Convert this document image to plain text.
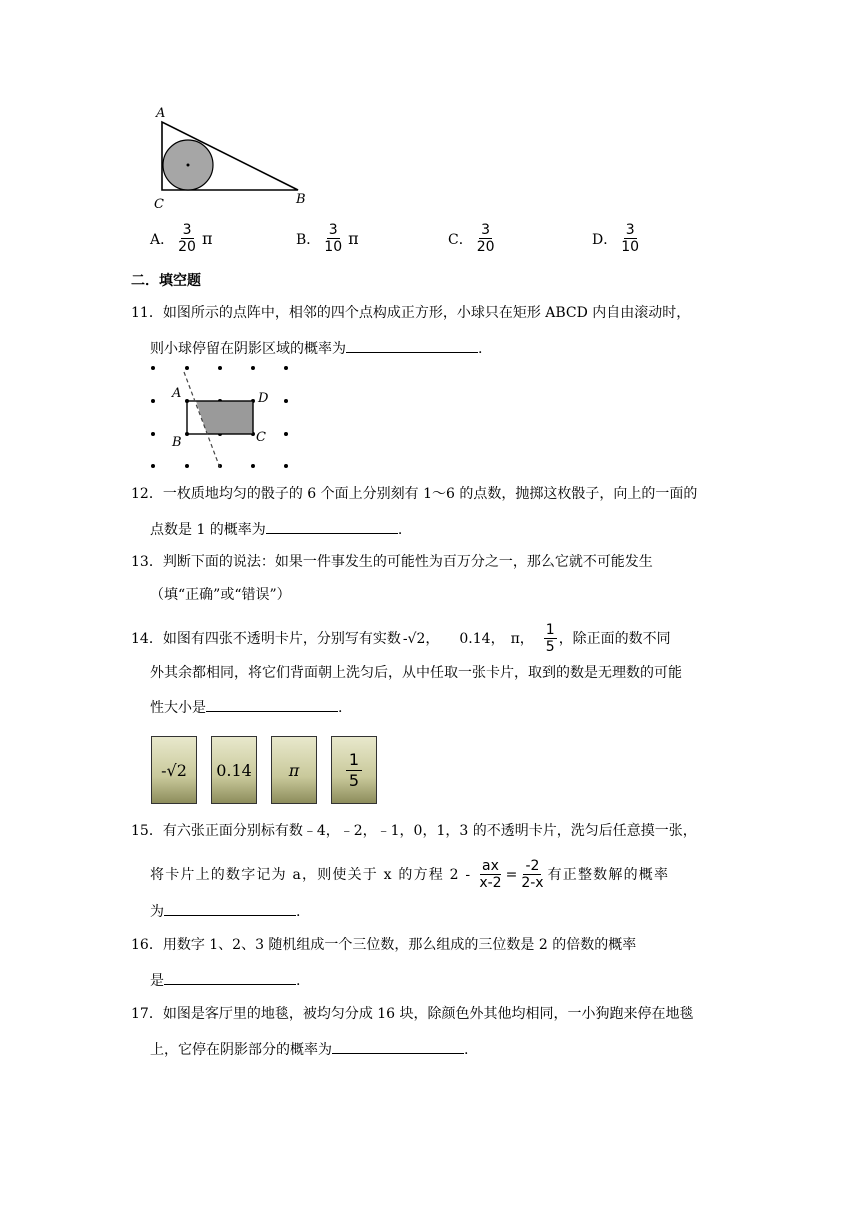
A
C	B
A． $\frac{3}{20}$ π	B． $\frac{3}{10}$ π	C． $\frac{3}{20}$	D． $\frac{3}{10}$
二．填空题
11．如图所示的点阵中，相邻的四个点构成正方形，小球只在矩形 ABCD 内自由滚动时，
则小球停留在阴影区域的概率为	.
A	D
B	C
12．一枚质地均匀的骰子的 6 个面上分别刻有 1～6 的点数，抛掷这枚骰子，向上的一面的
点数是 1 的概率为	.
13．判断下面的说法：如果一件事发生的可能性为百万分之一，那么它就不可能发生
（填“正确”或“错误”）
14．如图有四张不透明卡片，分别写有实数 -√2， 0.14， π， $\frac{1}{5}$ ，除正面的数不同
外其余都相同，将它们背面朝上洗匀后，从中任取一张卡片，取到的数是无理数的可能
性大小是	.
-√2 0.14 π	$\frac{1}{5}$
15．有六张正面分别标有数﹣4，﹣2，﹣1，0，1，3 的不透明卡片，洗匀后任意摸一张，
将卡片上的数字记为 a，则使关于 x 的方程 $2 - \frac{ax}{x-2} = \frac{-2}{2-x}$ 有正整数解的概率
为	.
16．用数字 1、2、3 随机组成一个三位数，那么组成的三位数是 2 的倍数的概率
是	.
17．如图是客厅里的地毯，被均匀分成 16 块，除颜色外其他均相同，一小狗跑来停在地毯
上，它停在阴影部分的概率为	.
